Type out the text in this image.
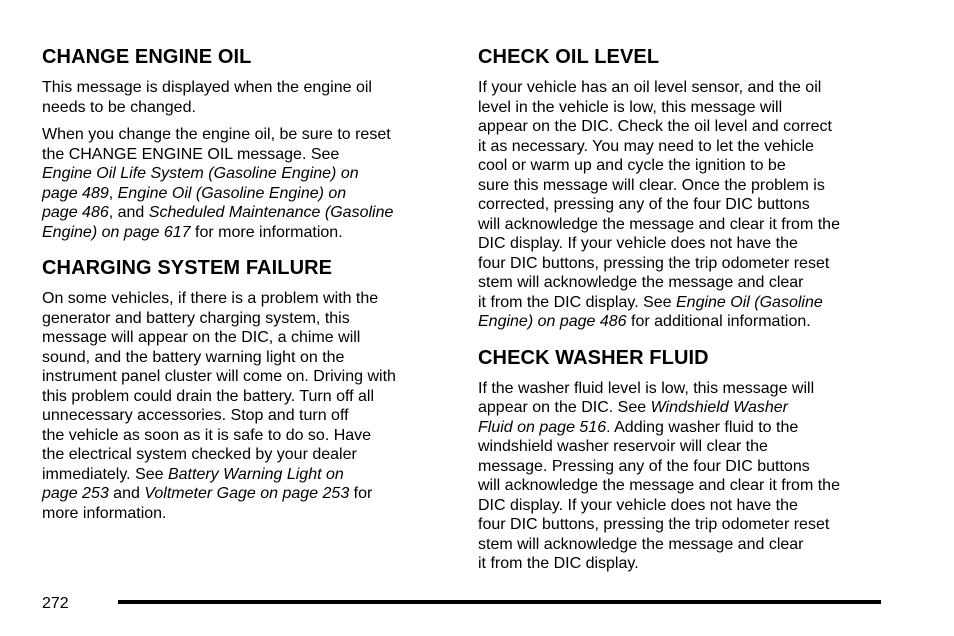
CHANGE ENGINE OIL

This message is displayed when the engine oil
needs to be changed.

When you change the engine oil, be sure to reset
the CHANGE ENGINE OIL message. See
Engine Oil Life System (Gasoline Engine) on
page 489, Engine Oil (Gasoline Engine) on
page 486, and Scheduled Maintenance (Gasoline
Engine) on page 617 for more information.

CHARGING SYSTEM FAILURE

On some vehicles, if there is a problem with the
generator and battery charging system, this
message will appear on the DIC, a chime will
sound, and the battery warning light on the
instrument panel cluster will come on. Driving with
this problem could drain the battery. Turn off all
unnecessary accessories. Stop and turn off
the vehicle as soon as it is safe to do so. Have
the electrical system checked by your dealer
immediately. See Battery Warning Light on
page 253 and Voltmeter Gage on page 253 for
more information.

CHECK OIL LEVEL

If your vehicle has an oil level sensor, and the oil
level in the vehicle is low, this message will
appear on the DIC. Check the oil level and correct
it as necessary. You may need to let the vehicle
cool or warm up and cycle the ignition to be
sure this message will clear. Once the problem is
corrected, pressing any of the four DIC buttons
will acknowledge the message and clear it from the
DIC display. If your vehicle does not have the
four DIC buttons, pressing the trip odometer reset
stem will acknowledge the message and clear
it from the DIC display. See Engine Oil (Gasoline
Engine) on page 486 for additional information.

CHECK WASHER FLUID

If the washer fluid level is low, this message will
appear on the DIC. See Windshield Washer
Fluid on page 516. Adding washer fluid to the
windshield washer reservoir will clear the
message. Pressing any of the four DIC buttons
will acknowledge the message and clear it from the
DIC display. If your vehicle does not have the
four DIC buttons, pressing the trip odometer reset
stem will acknowledge the message and clear
it from the DIC display.

272
